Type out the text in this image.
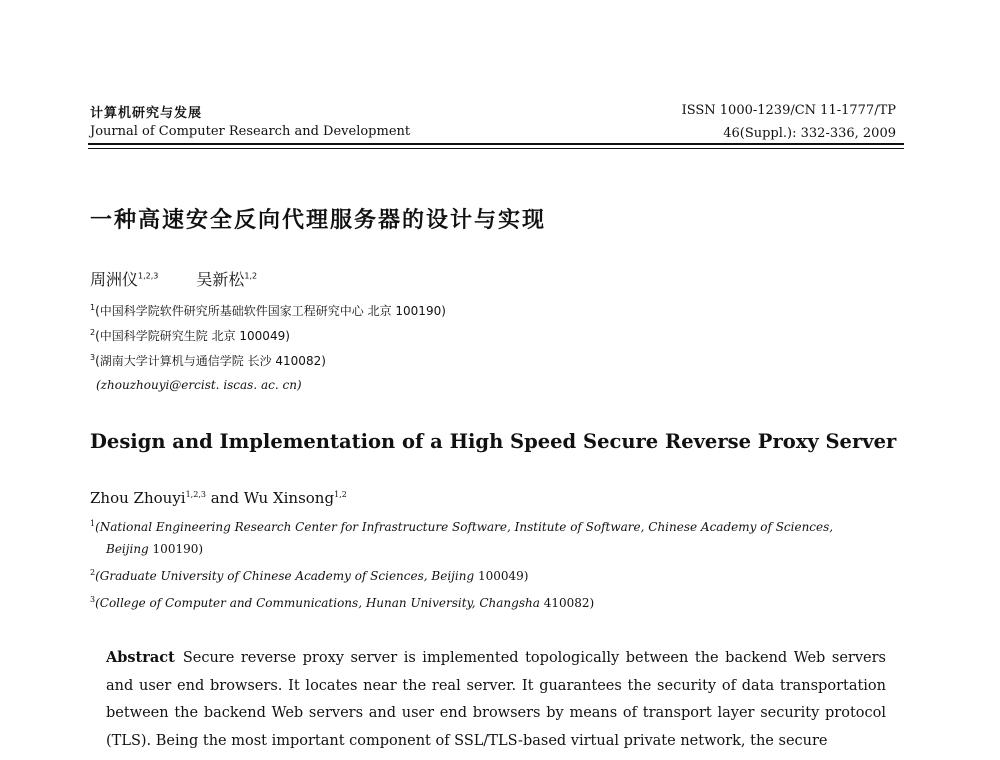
计算机研究与发展
Journal of Computer Research and Development
ISSN 1000-1239/CN 11-1777/TP
46(Suppl.): 332-336, 2009
一种高速安全反向代理服务器的设计与实现
周洲仪$^{1,2,3}$ 吴新松$^{1,2}$
$^1$(中国科学院软件研究所基础软件国家工程研究中心 北京 100190)
$^2$(中国科学院研究生院 北京 100049)
$^3$(湖南大学计算机与通信学院 长沙 410082)
(zhouzhouyi@ercist. iscas. ac. cn)
Design and Implementation of a High Speed Secure Reverse Proxy Server
Zhou Zhouyi$^{1,2,3}$ and Wu Xinsong$^{1,2}$
$^1$(National Engineering Research Center for Infrastructure Software, Institute of Software, Chinese Academy of Sciences,
Beijing 100190)
$^2$(Graduate University of Chinese Academy of Sciences, Beijing 100049)
$^3$(College of Computer and Communications, Hunan University, Changsha 410082)
Abstract Secure reverse proxy server is implemented topologically between the backend Web servers and user end browsers. It locates near the real server. It guarantees the security of data transportation between the backend Web servers and user end browsers by means of transport layer security protocol (TLS). Being the most important component of SSL/TLS-based virtual private network, the secure
